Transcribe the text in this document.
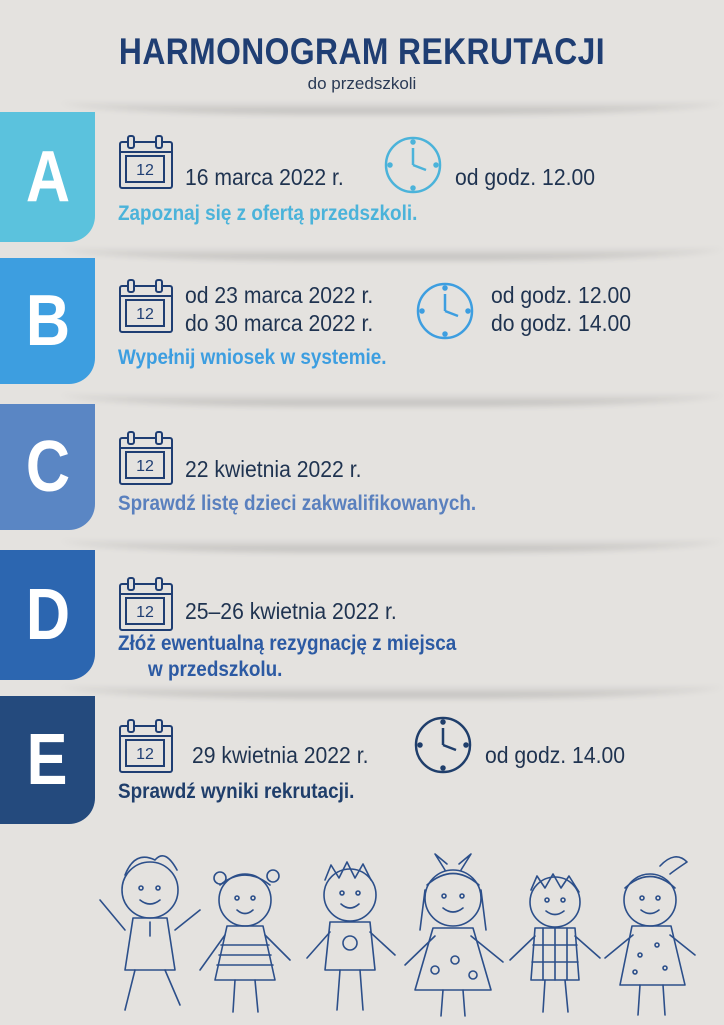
HARMONOGRAM REKRUTACJI
do przedszkoli
A	12 16 marca 2022 r.	od godz. 12.00
Zapoznaj się z ofertą przedszkoli.
B	12
od 23 marca 2022 r.
do 30 marca 2022 r.
od godz. 12.00
do godz. 14.00
Wypełnij wniosek w systemie.
C	12 22 kwietnia 2022 r.
Sprawdź listę dzieci zakwalifikowanych.
D	12 25–26 kwietnia 2022 r.
Złóż ewentualną rezygnację z miejsca
w przedszkolu.
E	12 29 kwietnia 2022 r.	od godz. 14.00
Sprawdź wyniki rekrutacji.
